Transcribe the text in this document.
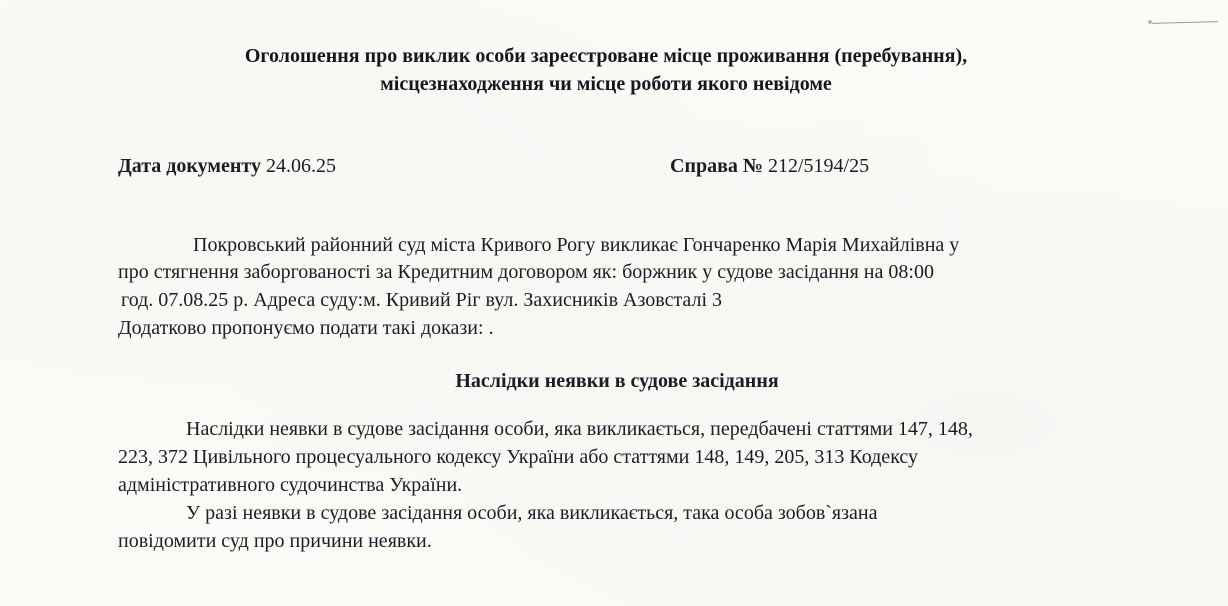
Оголошення про виклик особи зареєстроване місце проживання (перебування),
місцезнаходження чи місце роботи якого невідоме
Дата документу 24.06.25	Справа № 212/5194/25
Покровський районний суд міста Кривого Рогу викликає Гончаренко Марія Михайлівна у
про стягнення заборгованості за Кредитним договором як: боржник у судове засідання на 08:00
год. 07.08.25 р. Адреса суду:м. Кривий Ріг вул. Захисників Азовсталі 3
Додатково пропонуємо подати такі докази: .
Наслідки неявки в судове засідання
Наслідки неявки в судове засідання особи, яка викликається, передбачені статтями 147, 148,
223, 372 Цивільного процесуального кодексу України або статтями 148, 149, 205, 313 Кодексу
адміністративного судочинства України.
У разі неявки в судове засідання особи, яка викликається, така особа зобов`язана
повідомити суд про причини неявки.
